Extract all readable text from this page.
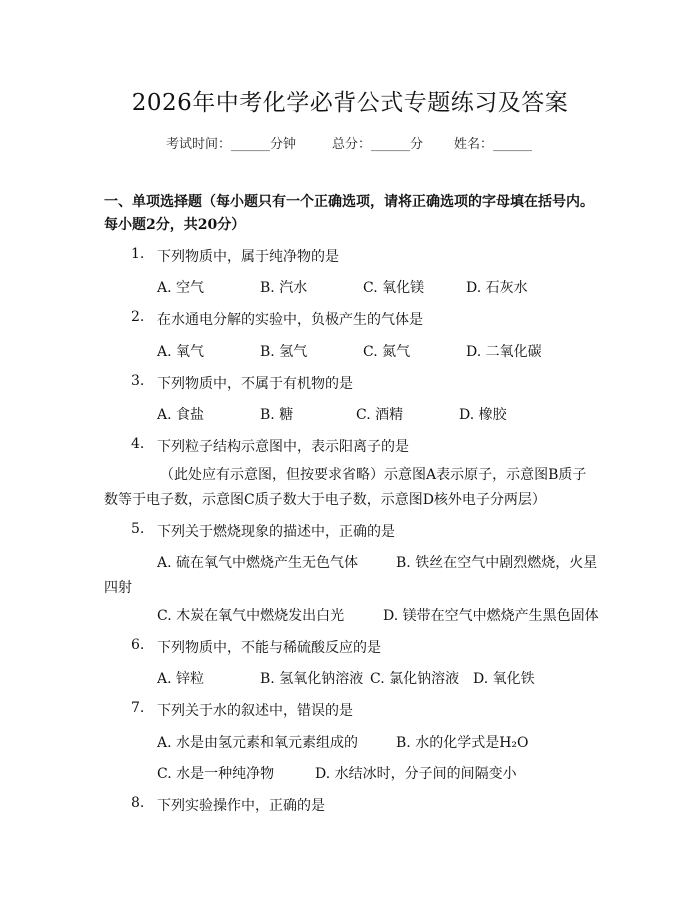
2026年中考化学必背公式专题练习及答案
考试时间：______分钟	总分：______分 姓名：______
一、单项选择题（每小题只有一个正确选项，请将正确选项的字母填在括号内。
每小题2分，共20分）
1. 下列物质中，属于纯净物的是
A. 空气	B. 汽水	C. 氧化镁	D. 石灰水
2. 在水通电分解的实验中，负极产生的气体是
A. 氧气	B. 氢气	C. 氮气	D. 二氧化碳
3. 下列物质中，不属于有机物的是
A. 食盐	B. 糖	C. 酒精	D. 橡胶
4. 下列粒子结构示意图中，表示阳离子的是
（此处应有示意图，但按要求省略）示意图A表示原子，示意图B质子数等于电子数，示意图C质子数大于电子数，示意图D核外电子分两层）
5. 下列关于燃烧现象的描述中，正确的是
A. 硫在氧气中燃烧产生无色气体	B. 铁丝在空气中剧烈燃烧，火星
四射
C. 木炭在氧气中燃烧发出白光	D. 镁带在空气中燃烧产生黑色固体
6. 下列物质中，不能与稀硫酸反应的是
A. 锌粒	B. 氢氧化钠溶液 C. 氯化钠溶液 D. 氧化铁
7. 下列关于水的叙述中，错误的是
A. 水是由氢元素和氧元素组成的	B. 水的化学式是H₂O
C. 水是一种纯净物	D. 水结冰时，分子间的间隔变小
8. 下列实验操作中，正确的是
